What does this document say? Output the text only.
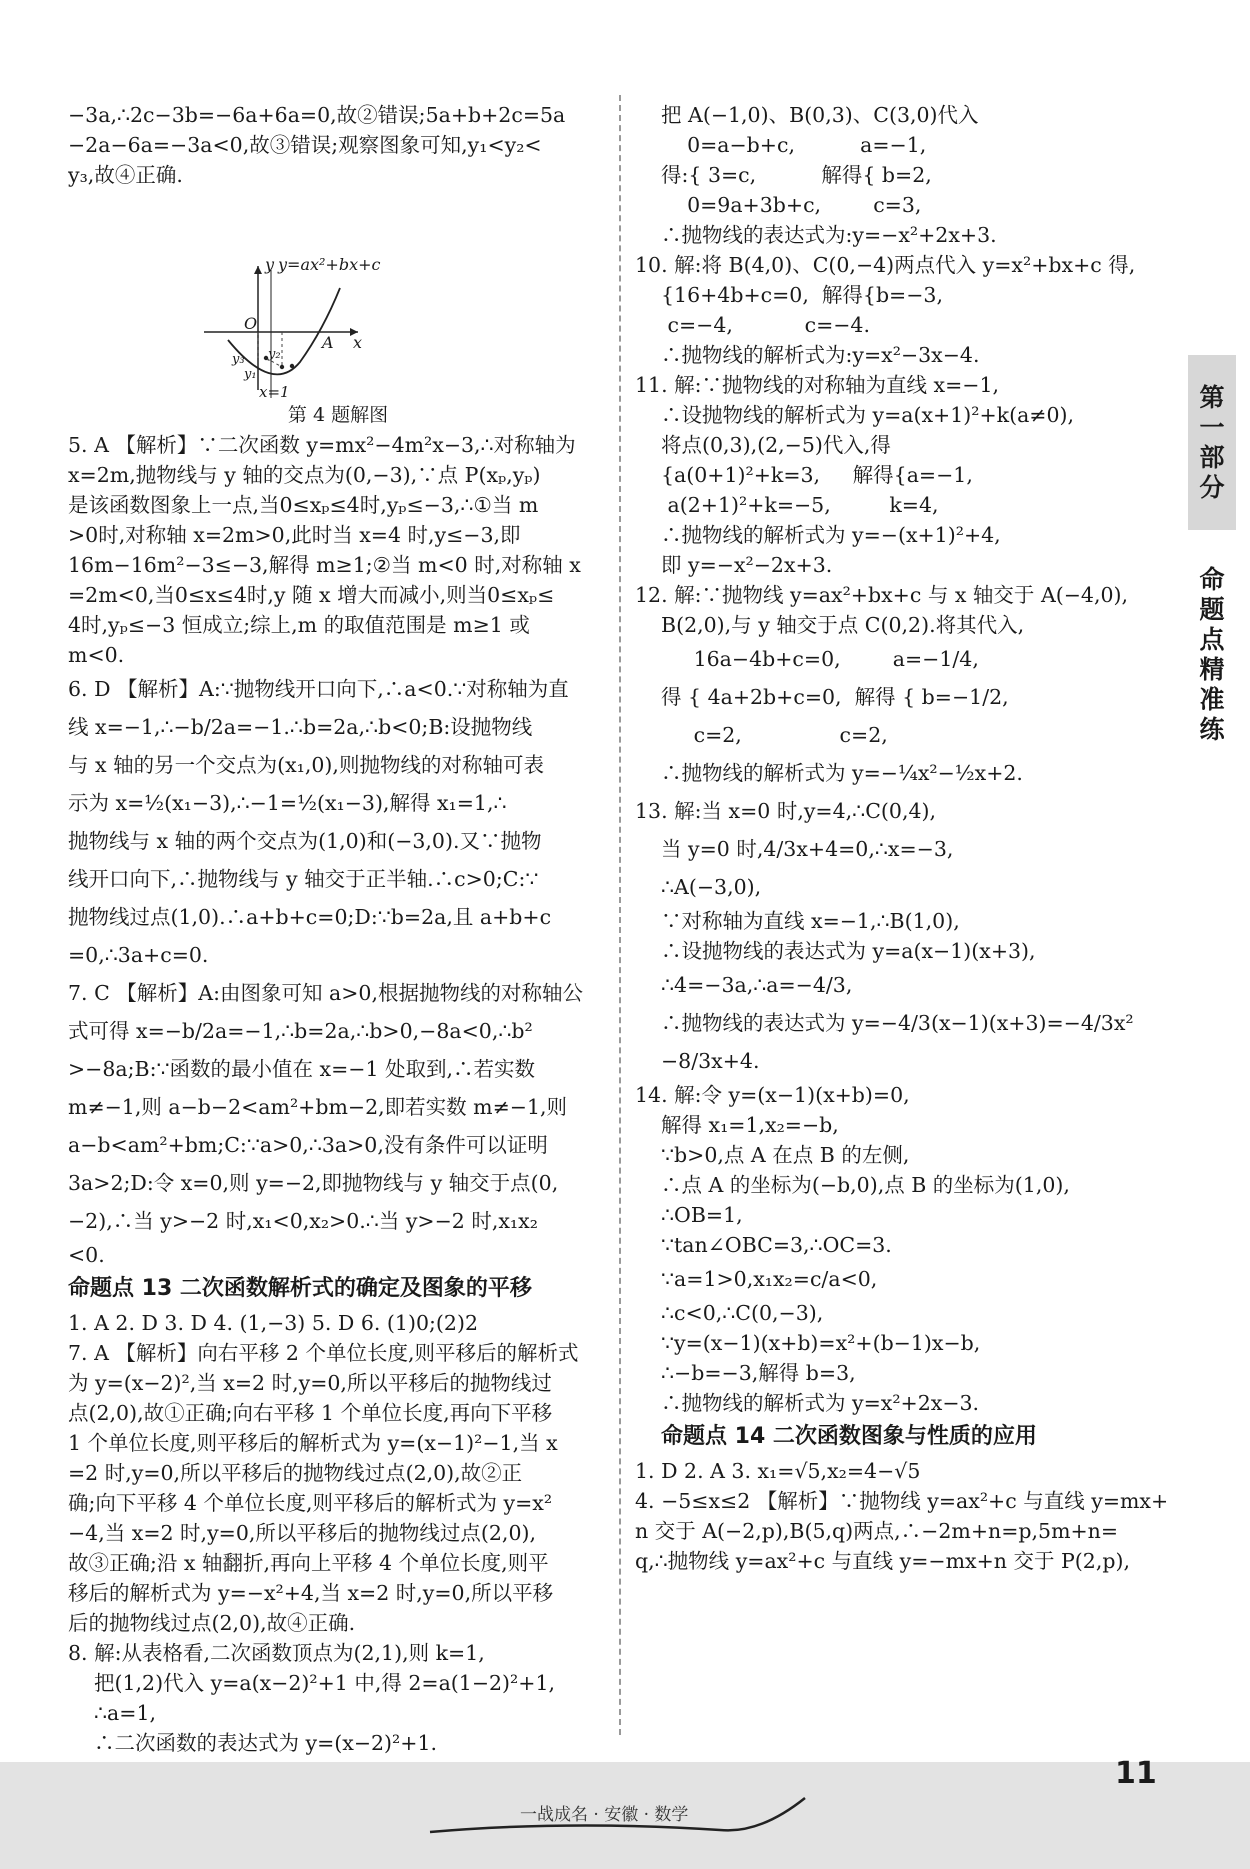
−3a,∴2c−3b=−6a+6a=0,故②错误;5a+b+2c=5a
−2a−6a=−3a<0,故③错误;观察图象可知,y₁<y₂<
y₃,故④正确.
y y=ax²+bx+c
O
x
A
y₃ y₂
y₁
x=1
第 4 题解图
5. A 【解析】∵二次函数 y=mx²−4m²x−3,∴对称轴为
x=2m,抛物线与 y 轴的交点为(0,−3),∵点 P(xₚ,yₚ)
是该函数图象上一点,当0≤xₚ≤4时,yₚ≤−3,∴①当 m
>0时,对称轴 x=2m>0,此时当 x=4 时,y≤−3,即
16m−16m²−3≤−3,解得 m≥1;②当 m<0 时,对称轴 x
=2m<0,当0≤x≤4时,y 随 x 增大而减小,则当0≤xₚ≤
4时,yₚ≤−3 恒成立;综上,m 的取值范围是 m≥1 或
m<0.
6. D 【解析】A:∵抛物线开口向下,∴a<0.∵对称轴为直
线 x=−1,∴−b/2a=−1.∴b=2a,∴b<0;B:设抛物线
与 x 轴的另一个交点为(x₁,0),则抛物线的对称轴可表
示为 x=½(x₁−3),∴−1=½(x₁−3),解得 x₁=1,∴
抛物线与 x 轴的两个交点为(1,0)和(−3,0).又∵抛物
线开口向下,∴抛物线与 y 轴交于正半轴.∴c>0;C:∵
抛物线过点(1,0).∴a+b+c=0;D:∵b=2a,且 a+b+c
=0,∴3a+c=0.
7. C 【解析】A:由图象可知 a>0,根据抛物线的对称轴公
式可得 x=−b/2a=−1,∴b=2a,∴b>0,−8a<0,∴b²
>−8a;B:∵函数的最小值在 x=−1 处取到,∴若实数
m≠−1,则 a−b−2<am²+bm−2,即若实数 m≠−1,则
a−b<am²+bm;C:∵a>0,∴3a>0,没有条件可以证明
3a>2;D:令 x=0,则 y=−2,即抛物线与 y 轴交于点(0,
−2),∴当 y>−2 时,x₁<0,x₂>0.∴当 y>−2 时,x₁x₂
<0.
命题点 13 二次函数解析式的确定及图象的平移
1. A 2. D 3. D 4. (1,−3) 5. D 6. (1)0;(2)2
7. A 【解析】向右平移 2 个单位长度,则平移后的解析式
为 y=(x−2)²,当 x=2 时,y=0,所以平移后的抛物线过
点(2,0),故①正确;向右平移 1 个单位长度,再向下平移
1 个单位长度,则平移后的解析式为 y=(x−1)²−1,当 x
=2 时,y=0,所以平移后的抛物线过点(2,0),故②正
确;向下平移 4 个单位长度,则平移后的解析式为 y=x²
−4,当 x=2 时,y=0,所以平移后的抛物线过点(2,0),
故③正确;沿 x 轴翻折,再向上平移 4 个单位长度,则平
移后的解析式为 y=−x²+4,当 x=2 时,y=0,所以平移
后的抛物线过点(2,0),故④正确.
8. 解:从表格看,二次函数顶点为(2,1),则 k=1,
把(1,2)代入 y=a(x−2)²+1 中,得 2=a(1−2)²+1,
∴a=1,
∴二次函数的表达式为 y=(x−2)²+1.
把 A(−1,0)、B(0,3)、C(3,0)代入
0=a−b+c,          a=−1,
得:{ 3=c,          解得{ b=2,
0=9a+3b+c,        c=3,
∴抛物线的表达式为:y=−x²+2x+3.
10. 解:将 B(4,0)、C(0,−4)两点代入 y=x²+bx+c 得,
{16+4b+c=0,  解得{b=−3,
c=−4,           c=−4.
∴抛物线的解析式为:y=x²−3x−4.
11. 解:∵抛物线的对称轴为直线 x=−1,
∴设抛物线的解析式为 y=a(x+1)²+k(a≠0),
将点(0,3),(2,−5)代入,得
{a(0+1)²+k=3,     解得{a=−1,
a(2+1)²+k=−5,         k=4,
∴抛物线的解析式为 y=−(x+1)²+4,
即 y=−x²−2x+3.
12. 解:∵抛物线 y=ax²+bx+c 与 x 轴交于 A(−4,0),
B(2,0),与 y 轴交于点 C(0,2).将其代入,
16a−4b+c=0,        a=−1/4,
得 { 4a+2b+c=0,  解得 { b=−1/2,
c=2,               c=2,
∴抛物线的解析式为 y=−¼x²−½x+2.
13. 解:当 x=0 时,y=4,∴C(0,4),
当 y=0 时,4/3x+4=0,∴x=−3,
∴A(−3,0),
∵对称轴为直线 x=−1,∴B(1,0),
∴设抛物线的表达式为 y=a(x−1)(x+3),
∴4=−3a,∴a=−4/3,
∴抛物线的表达式为 y=−4/3(x−1)(x+3)=−4/3x²
−8/3x+4.
14. 解:令 y=(x−1)(x+b)=0,
解得 x₁=1,x₂=−b,
∵b>0,点 A 在点 B 的左侧,
∴点 A 的坐标为(−b,0),点 B 的坐标为(1,0),
∴OB=1,
∵tan∠OBC=3,∴OC=3.
∵a=1>0,x₁x₂=c/a<0,
∴c<0,∴C(0,−3),
∵y=(x−1)(x+b)=x²+(b−1)x−b,
∴−b=−3,解得 b=3,
∴抛物线的解析式为 y=x²+2x−3.
命题点 14 二次函数图象与性质的应用
1. D 2. A 3. x₁=√5,x₂=4−√5
4. −5≤x≤2 【解析】∵抛物线 y=ax²+c 与直线 y=mx+
n 交于 A(−2,p),B(5,q)两点,∴−2m+n=p,5m+n=
q,∴抛物线 y=ax²+c 与直线 y=−mx+n 交于 P(2,p),
第
一
部
分
命
题
点
精
准
练
一战成名 · 安徽 · 数学
11
